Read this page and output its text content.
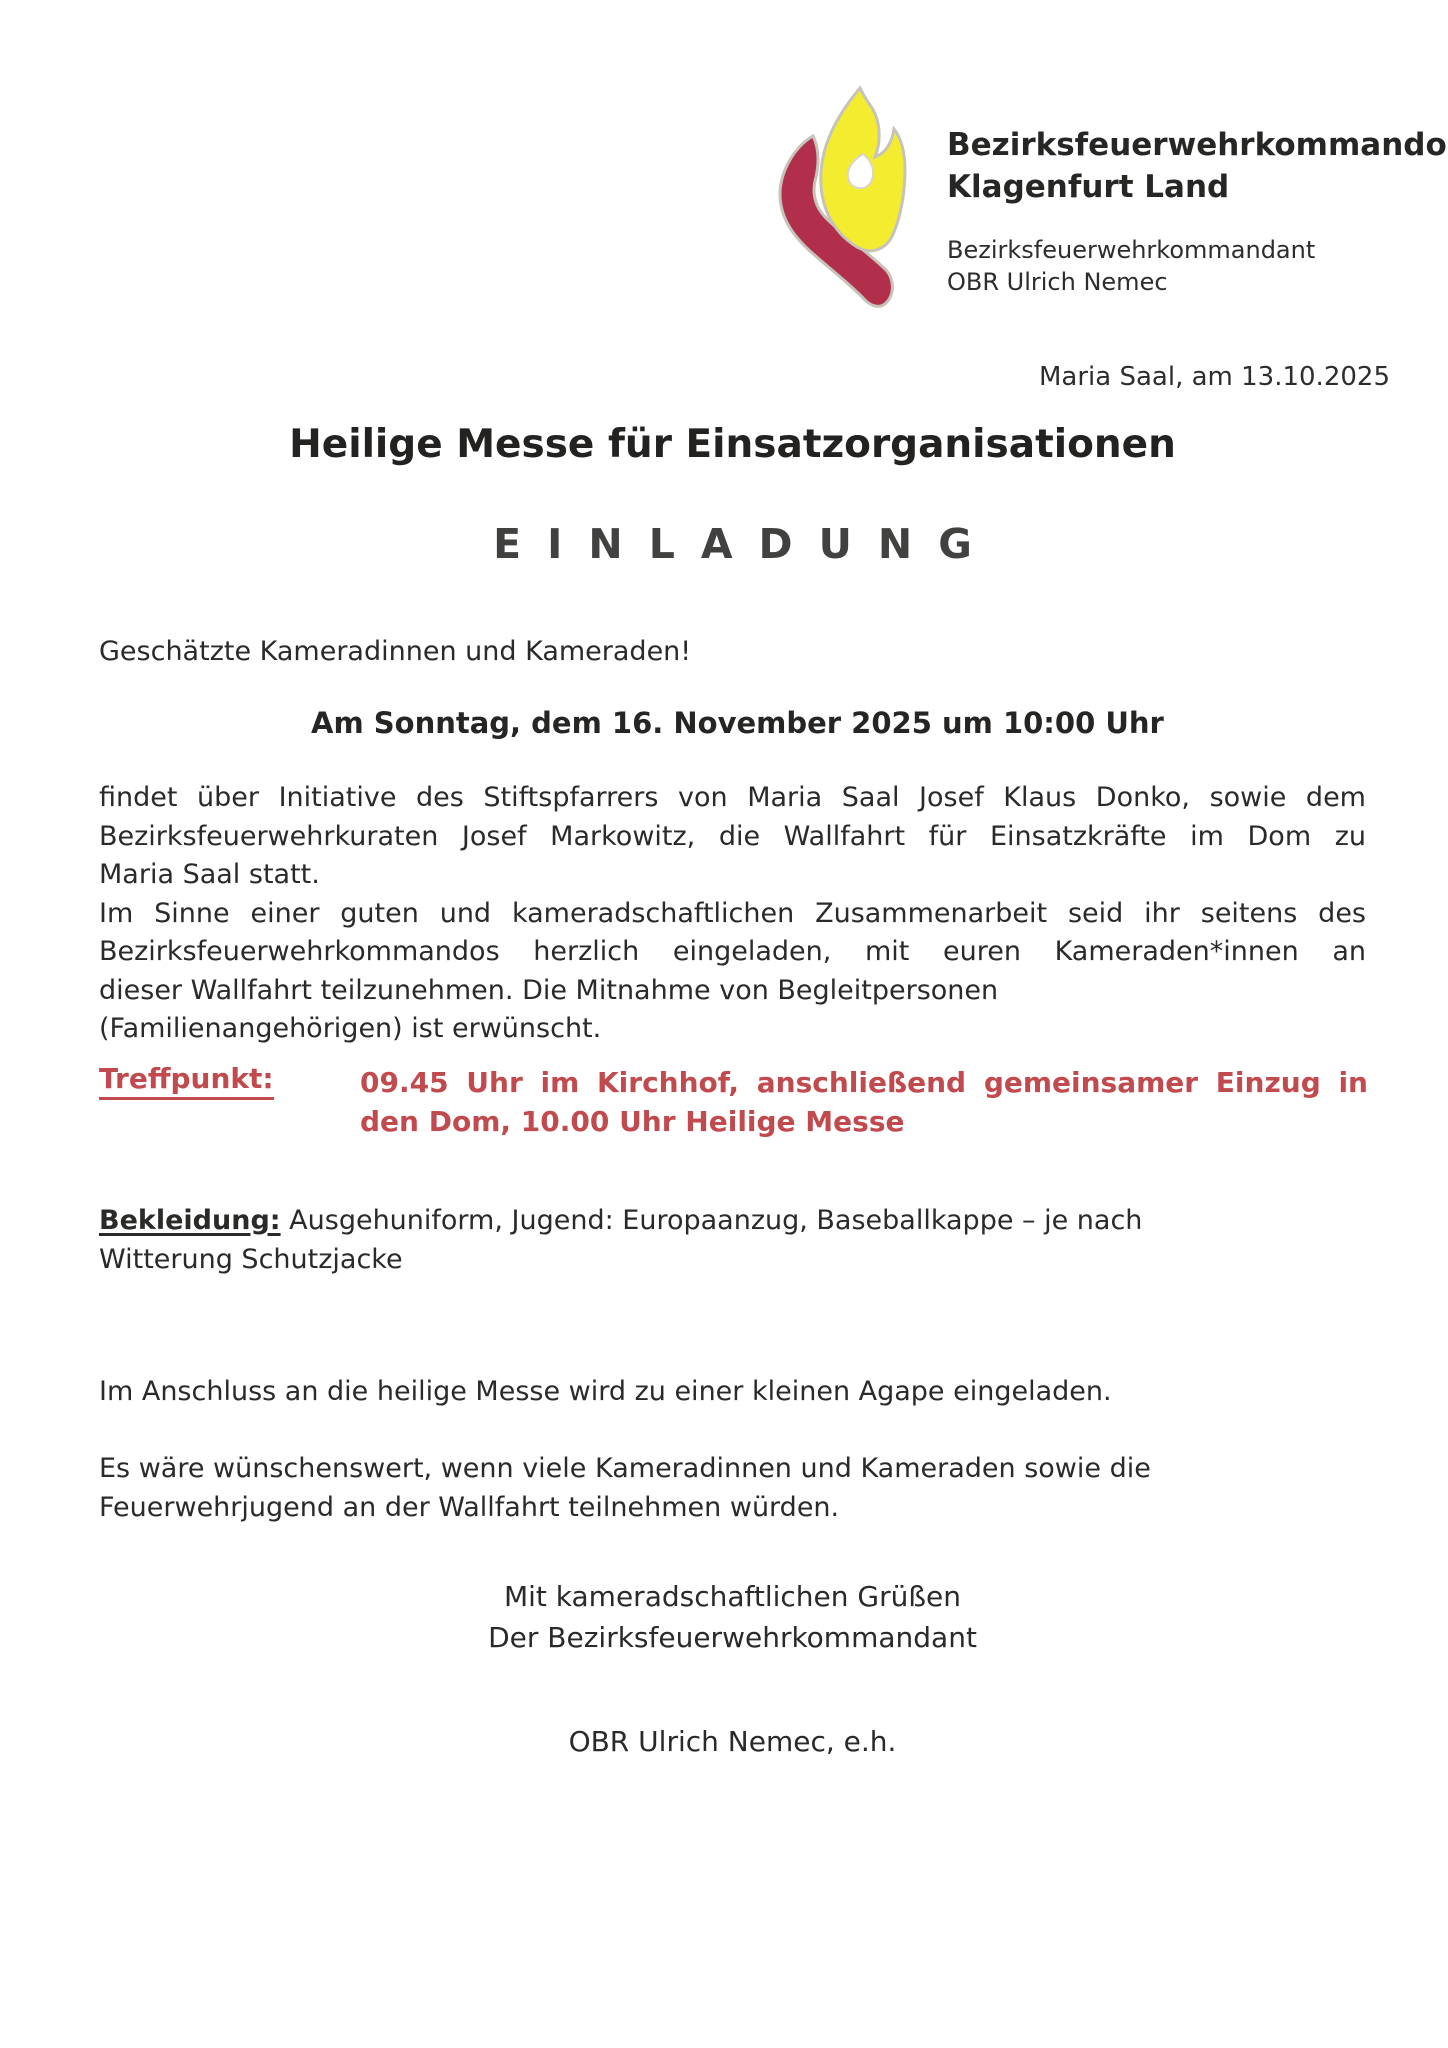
Bezirksfeuerwehrkommando
Klagenfurt Land
Bezirksfeuerwehrkommandant
OBR Ulrich Nemec
Maria Saal, am 13.10.2025
Heilige Messe für Einsatzorganisationen
EINLADUNG
Geschätzte Kameradinnen und Kameraden!
Am Sonntag, dem 16. November 2025 um 10:00 Uhr
findet über Initiative des Stiftspfarrers von Maria Saal Josef Klaus Donko, sowie dem
Bezirksfeuerwehrkuraten Josef Markowitz, die Wallfahrt für Einsatzkräfte im Dom zu
Maria Saal statt.
Im Sinne einer guten und kameradschaftlichen Zusammenarbeit seid ihr seitens des
Bezirksfeuerwehrkommandos herzlich eingeladen, mit euren Kameraden*innen an
dieser Wallfahrt teilzunehmen. Die Mitnahme von Begleitpersonen
(Familienangehörigen) ist erwünscht.
Treffpunkt:	09.45 Uhr im Kirchhof, anschließend gemeinsamer Einzug in
den Dom, 10.00 Uhr Heilige Messe
Bekleidung: Ausgehuniform, Jugend: Europaanzug, Baseballkappe – je nach
Witterung Schutzjacke
Im Anschluss an die heilige Messe wird zu einer kleinen Agape eingeladen.
Es wäre wünschenswert, wenn viele Kameradinnen und Kameraden sowie die
Feuerwehrjugend an der Wallfahrt teilnehmen würden.
Mit kameradschaftlichen Grüßen
Der Bezirksfeuerwehrkommandant
OBR Ulrich Nemec, e.h.
